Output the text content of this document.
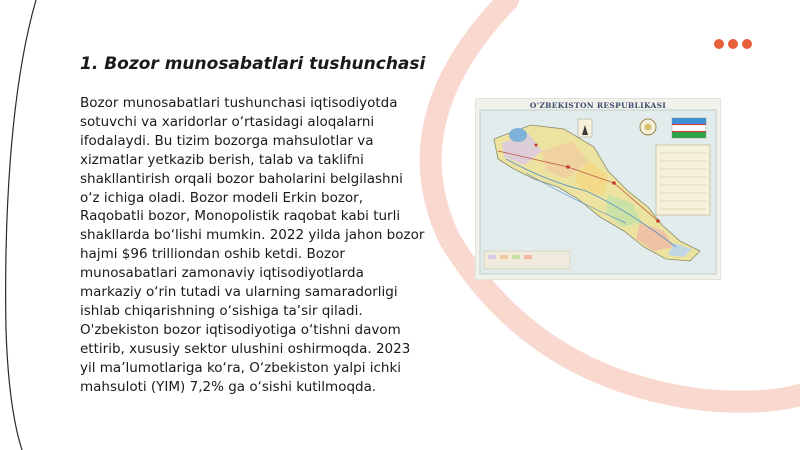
1. Bozor munosabatlari tushunchasi
Bozor munosabatlari tushunchasi iqtisodiyotda sotuvchi va xaridorlar o‘rtasidagi aloqalarni ifodalaydi. Bu tizim bozorga mahsulotlar va xizmatlar yetkazib berish, talab va taklifni shakllantirish orqali bozor baholarini belgilashni o‘z ichiga oladi. Bozor modeli Erkin bozor, Raqobatli bozor, Monopolistik raqobat kabi turli shakllarda bo‘lishi mumkin. 2022 yilda jahon bozor hajmi $96 trilliondan oshib ketdi. Bozor munosabatlari zamonaviy iqtisodiyotlarda markaziy o‘rin tutadi va ularning samaradorligi ishlab chiqarishning o‘sishiga ta’sir qiladi. O'zbekiston bozor iqtisodiyotiga o‘tishni davom ettirib, xususiy sektor ulushini oshirmoqda. 2023 yil ma’lumotlariga ko‘ra, O‘zbekiston yalpi ichki mahsuloti (YIM) 7,2% ga o‘sishi kutilmoqda.
O'ZBEKISTON RESPUBLIKASI
